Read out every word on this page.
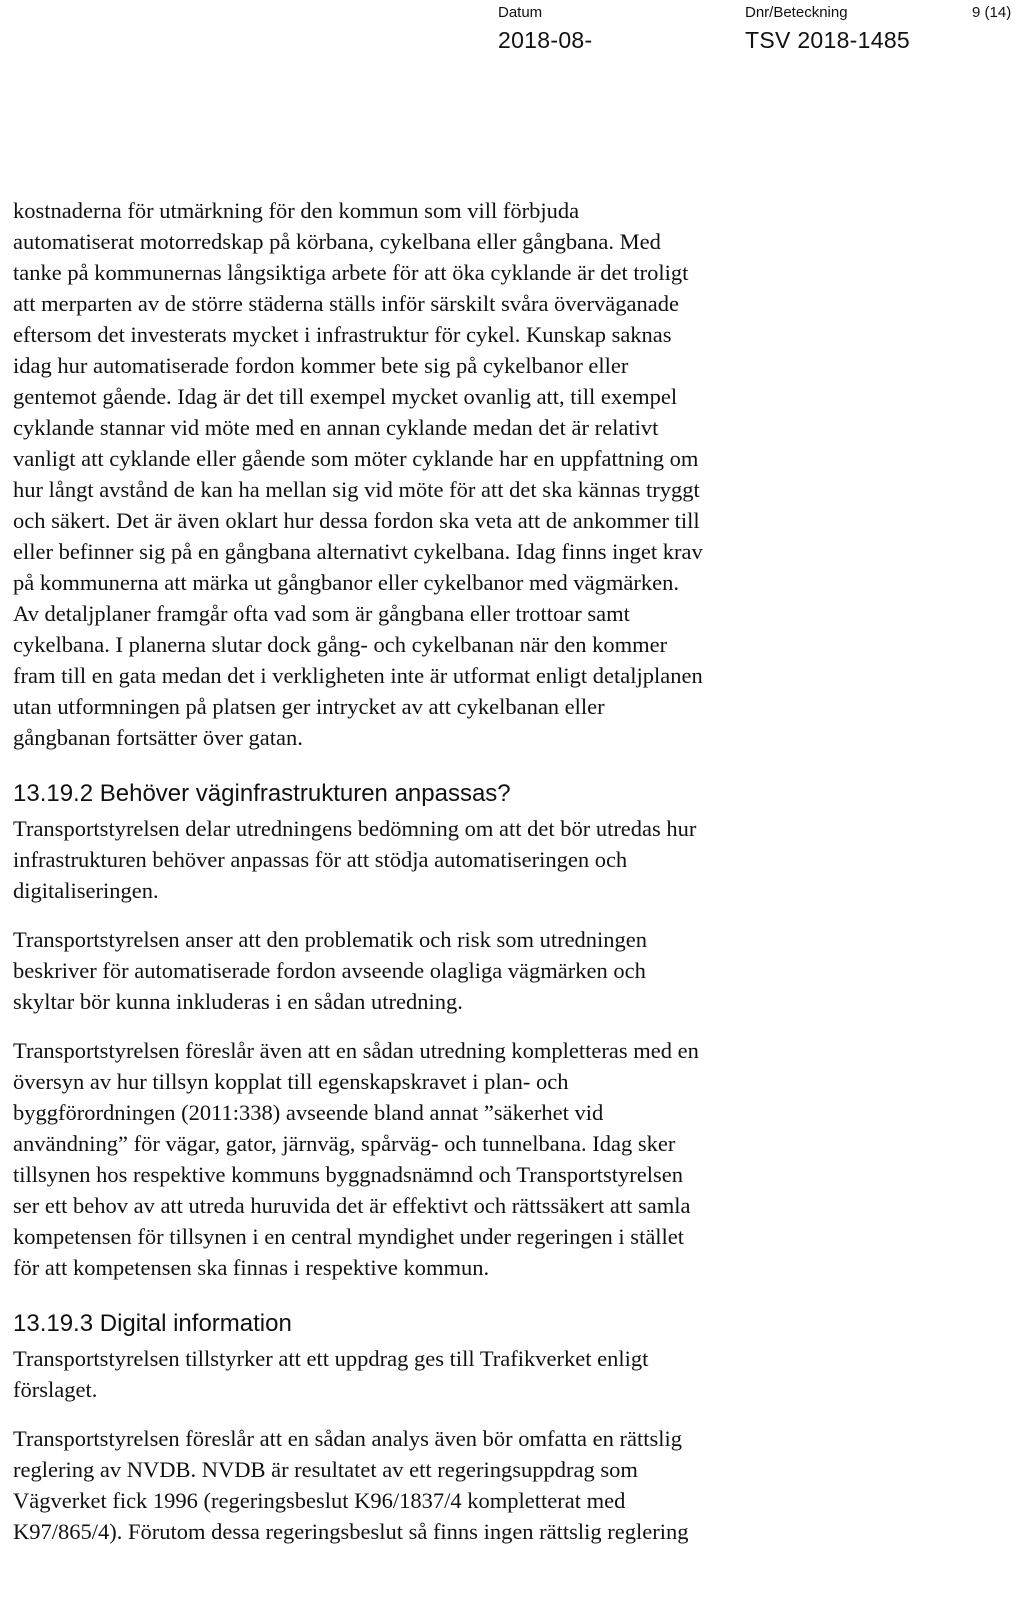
Datum
2018-08-
Dnr/Beteckning
TSV 2018-1485
9 (14)

kostnaderna för utmärkning för den kommun som vill förbjuda
automatiserat motorredskap på körbana, cykelbana eller gångbana. Med
tanke på kommunernas långsiktiga arbete för att öka cyklande är det troligt
att merparten av de större städerna ställs inför särskilt svåra överväganade
eftersom det investerats mycket i infrastruktur för cykel. Kunskap saknas
idag hur automatiserade fordon kommer bete sig på cykelbanor eller
gentemot gående. Idag är det till exempel mycket ovanlig att, till exempel
cyklande stannar vid möte med en annan cyklande medan det är relativt
vanligt att cyklande eller gående som möter cyklande har en uppfattning om
hur långt avstånd de kan ha mellan sig vid möte för att det ska kännas tryggt
och säkert. Det är även oklart hur dessa fordon ska veta att de ankommer till
eller befinner sig på en gångbana alternativt cykelbana. Idag finns inget krav
på kommunerna att märka ut gångbanor eller cykelbanor med vägmärken.
Av detaljplaner framgår ofta vad som är gångbana eller trottoar samt
cykelbana. I planerna slutar dock gång- och cykelbanan när den kommer
fram till en gata medan det i verkligheten inte är utformat enligt detaljplanen
utan utformningen på platsen ger intrycket av att cykelbanan eller
gångbanan fortsätter över gatan.

13.19.2 Behöver väginfrastrukturen anpassas?

Transportstyrelsen delar utredningens bedömning om att det bör utredas hur
infrastrukturen behöver anpassas för att stödja automatiseringen och
digitaliseringen.

Transportstyrelsen anser att den problematik och risk som utredningen
beskriver för automatiserade fordon avseende olagliga vägmärken och
skyltar bör kunna inkluderas i en sådan utredning.

Transportstyrelsen föreslår även att en sådan utredning kompletteras med en
översyn av hur tillsyn kopplat till egenskapskravet i plan- och
byggförordningen (2011:338) avseende bland annat ”säkerhet vid
användning” för vägar, gator, järnväg, spårväg- och tunnelbana. Idag sker
tillsynen hos respektive kommuns byggnadsnämnd och Transportstyrelsen
ser ett behov av att utreda huruvida det är effektivt och rättssäkert att samla
kompetensen för tillsynen i en central myndighet under regeringen i stället
för att kompetensen ska finnas i respektive kommun.

13.19.3 Digital information

Transportstyrelsen tillstyrker att ett uppdrag ges till Trafikverket enligt
förslaget.

Transportstyrelsen föreslår att en sådan analys även bör omfatta en rättslig
reglering av NVDB. NVDB är resultatet av ett regeringsuppdrag som
Vägverket fick 1996 (regeringsbeslut K96/1837/4 kompletterat med
K97/865/4). Förutom dessa regeringsbeslut så finns ingen rättslig reglering
